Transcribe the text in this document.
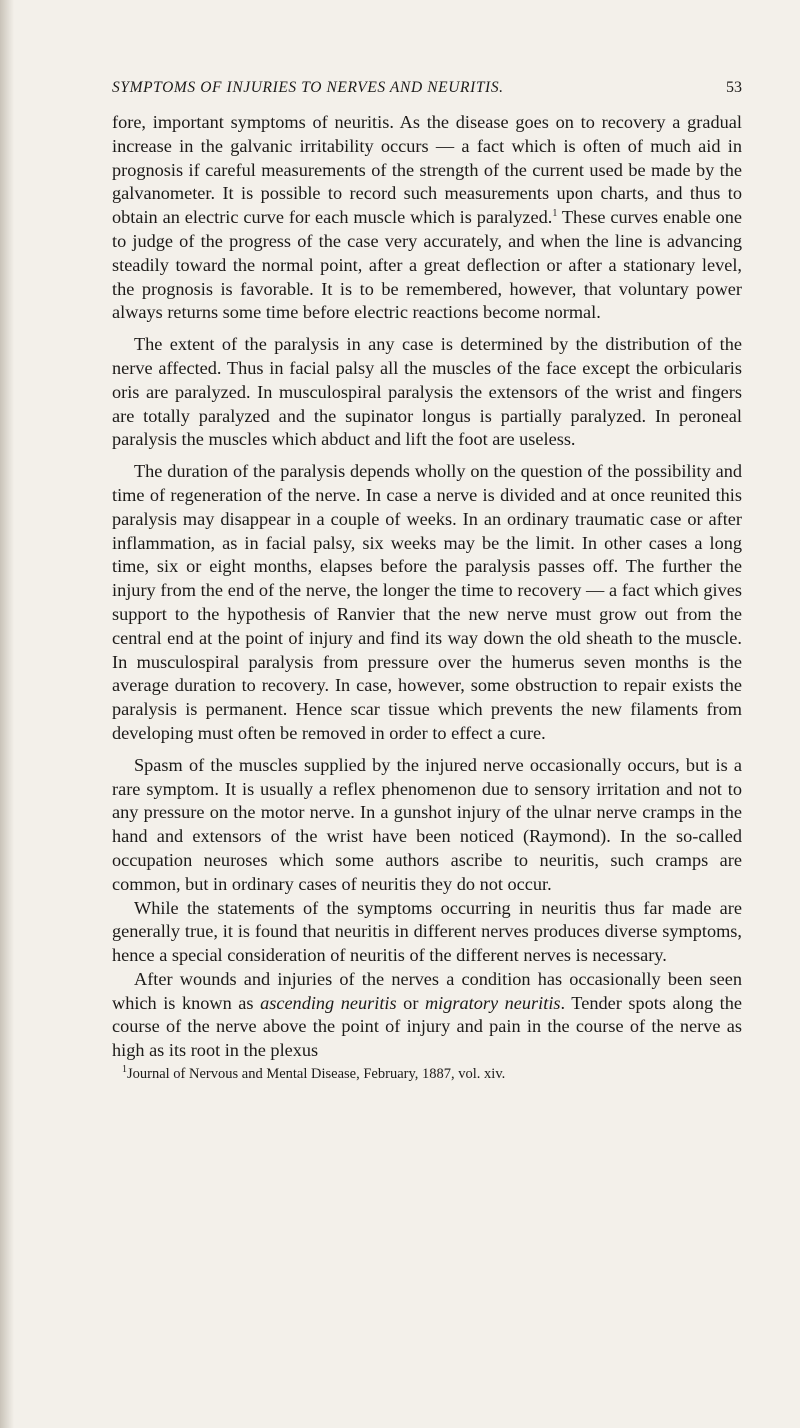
SYMPTOMS OF INJURIES TO NERVES AND NEURITIS.	53

fore, important symptoms of neuritis. As the disease goes on to recovery a gradual increase in the galvanic irritability occurs — a fact which is often of much aid in prognosis if careful measurements of the strength of the current used be made by the galvanometer. It is possible to record such measurements upon charts, and thus to obtain an electric curve for each muscle which is paralyzed.$^1$ These curves enable one to judge of the progress of the case very accurately, and when the line is advancing steadily toward the normal point, after a great deflection or after a stationary level, the prognosis is favorable. It is to be remembered, however, that voluntary power always returns some time before electric reactions become normal.

The extent of the paralysis in any case is determined by the distribution of the nerve affected. Thus in facial palsy all the muscles of the face except the orbicularis oris are paralyzed. In musculospiral paralysis the extensors of the wrist and fingers are totally paralyzed and the supinator longus is partially paralyzed. In peroneal paralysis the muscles which abduct and lift the foot are useless.

The duration of the paralysis depends wholly on the question of the possibility and time of regeneration of the nerve. In case a nerve is divided and at once reunited this paralysis may disappear in a couple of weeks. In an ordinary traumatic case or after inflammation, as in facial palsy, six weeks may be the limit. In other cases a long time, six or eight months, elapses before the paralysis passes off. The further the injury from the end of the nerve, the longer the time to recovery — a fact which gives support to the hypothesis of Ranvier that the new nerve must grow out from the central end at the point of injury and find its way down the old sheath to the muscle. In musculospiral paralysis from pressure over the humerus seven months is the average duration to recovery. In case, however, some obstruction to repair exists the paralysis is permanent. Hence scar tissue which prevents the new filaments from developing must often be removed in order to effect a cure.

Spasm of the muscles supplied by the injured nerve occasionally occurs, but is a rare symptom. It is usually a reflex phenomenon due to sensory irritation and not to any pressure on the motor nerve. In a gunshot injury of the ulnar nerve cramps in the hand and extensors of the wrist have been noticed (Raymond). In the so-called occupation neuroses which some authors ascribe to neuritis, such cramps are common, but in ordinary cases of neuritis they do not occur.

While the statements of the symptoms occurring in neuritis thus far made are generally true, it is found that neuritis in different nerves produces diverse symptoms, hence a special consideration of neuritis of the different nerves is necessary.

After wounds and injuries of the nerves a condition has occasionally been seen which is known as ascending neuritis or migratory neuritis. Tender spots along the course of the nerve above the point of injury and pain in the course of the nerve as high as its root in the plexus

$^1$Journal of Nervous and Mental Disease, February, 1887, vol. xiv.
